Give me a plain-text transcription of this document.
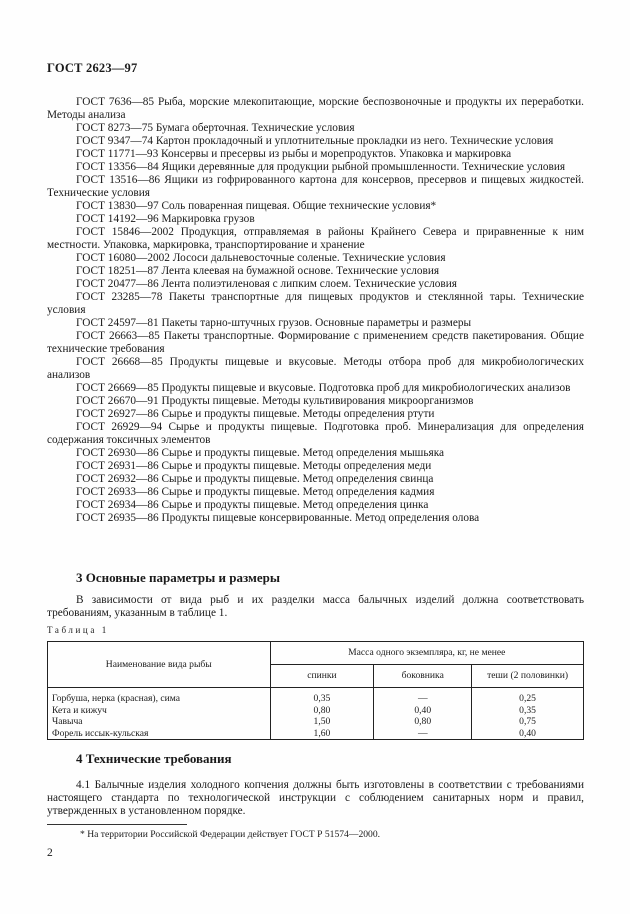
ГОСТ 2623—97

ГОСТ 7636—85 Рыба, морские млекопитающие, морские беспозвоночные и продукты их переработки. Методы анализа

ГОСТ 8273—75 Бумага оберточная. Технические условия

ГОСТ 9347—74 Картон прокладочный и уплотнительные прокладки из него. Технические условия

ГОСТ 11771—93 Консервы и пресервы из рыбы и морепродуктов. Упаковка и маркировка

ГОСТ 13356—84 Ящики деревянные для продукции рыбной промышленности. Технические условия

ГОСТ 13516—86 Ящики из гофрированного картона для консервов, пресервов и пищевых жидкостей. Технические условия

ГОСТ 13830—97 Соль поваренная пищевая. Общие технические условия*

ГОСТ 14192—96 Маркировка грузов

ГОСТ 15846—2002 Продукция, отправляемая в районы Крайнего Севера и приравненные к ним местности. Упаковка, маркировка, транспортирование и хранение

ГОСТ 16080—2002 Лососи дальневосточные соленые. Технические условия

ГОСТ 18251—87 Лента клеевая на бумажной основе. Технические условия

ГОСТ 20477—86 Лента полиэтиленовая с липким слоем. Технические условия

ГОСТ 23285—78 Пакеты транспортные для пищевых продуктов и стеклянной тары. Технические условия

ГОСТ 24597—81 Пакеты тарно-штучных грузов. Основные параметры и размеры

ГОСТ 26663—85 Пакеты транспортные. Формирование с применением средств пакетирования. Общие технические требования

ГОСТ 26668—85 Продукты пищевые и вкусовые. Методы отбора проб для микробиологических анализов

ГОСТ 26669—85 Продукты пищевые и вкусовые. Подготовка проб для микробиологических анализов

ГОСТ 26670—91 Продукты пищевые. Методы культивирования микроорганизмов

ГОСТ 26927—86 Сырье и продукты пищевые. Методы определения ртути

ГОСТ 26929—94 Сырье и продукты пищевые. Подготовка проб. Минерализация для определения содержания токсичных элементов

ГОСТ 26930—86 Сырье и продукты пищевые. Метод определения мышьяка

ГОСТ 26931—86 Сырье и продукты пищевые. Методы определения меди

ГОСТ 26932—86 Сырье и продукты пищевые. Метод определения свинца

ГОСТ 26933—86 Сырье и продукты пищевые. Метод определения кадмия

ГОСТ 26934—86 Сырье и продукты пищевые. Метод определения цинка

ГОСТ 26935—86 Продукты пищевые консервированные. Метод определения олова

3 Основные параметры и размеры

В зависимости от вида рыб и их разделки масса балычных изделий должна соответствовать требованиям, указанным в таблице 1.

Таблица 1
Наименование вида рыбы	Масса одного экземпляра, кг, не менее		
	спинки	боковника	теши (2 половинки)
Горбуша, нерка (красная), сима	0,35	—	0,25
Кета и кижуч	0,80	0,40	0,35
Чавыча	1,50	0,80	0,75
Форель иссык-кульская	1,60	—	0,40
4 Технические требования

4.1 Балычные изделия холодного копчения должны быть изготовлены в соответствии с требованиями настоящего стандарта по технологической инструкции с соблюдением санитарных норм и правил, утвержденных в установленном порядке.

* На территории Российской Федерации действует ГОСТ Р 51574—2000.
2
